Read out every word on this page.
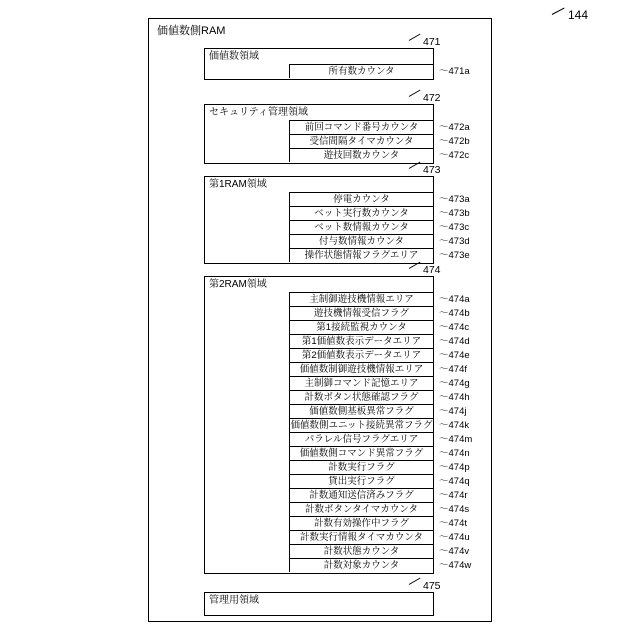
144
価値数側RAM
価値数領域
所有数カウンタ	～471a
471
セキュリティ管理領域
前回コマンド番号カウンタ ～472a
受信間隔タイマカウンタ	～472b
遊技回数カウンタ	～472c
472
第1RAM領域
停電カウンタ	～473a
ベット実行数カウンタ	～473b
ベット数情報カウンタ	～473c
付与数情報カウンタ	～473d
操作状態情報フラグエリア ～473e
473
第2RAM領域
主制御遊技機情報エリア	～474a
遊技機情報受信フラグ	～474b
第1接続監視カウンタ	～474c
第1価値数表示データエリア ～474d
第2価値数表示データエリア ～474e
価値数制御遊技機情報エリア ～474f
主制御コマンド記憶エリア ～474g
計数ボタン状態確認フラグ ～474h
価値数側基板異常フラグ	～474j
価値数側ユニット接続異常フラグ ～474k
パラレル信号フラグエリア ～474m
価値数側コマンド異常フラグ ～474n
計数実行フラグ	～474p
貸出実行フラグ	～474q
計数通知送信済みフラグ	～474r
計数ボタンタイマカウンタ ～474s
計数有効操作中フラグ	～474t
計数実行情報タイマカウンタ ～474u
計数状態カウンタ	～474v
計数対象カウンタ	～474w
474
管理用領域
475
